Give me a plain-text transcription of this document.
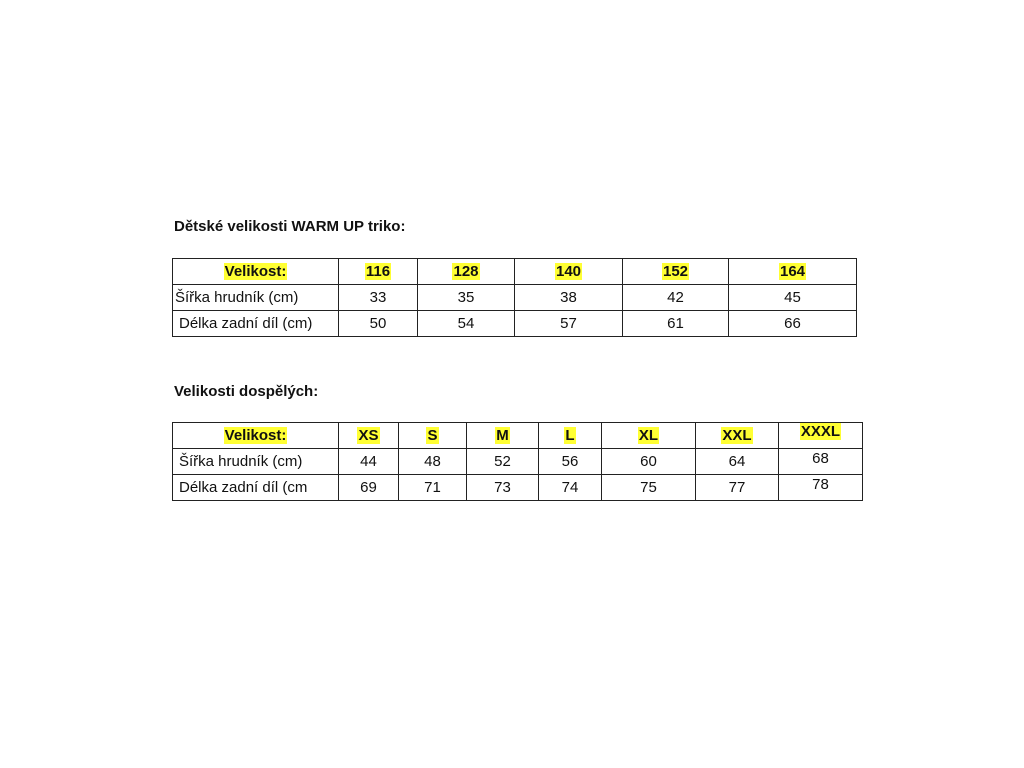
Dětské velikosti WARM UP triko:
Velikost:	116	128	140	152	164
Šířka hrudník (cm)	33	35	38	42	45
Délka zadní díl (cm)	50	54	57	61	66
Velikosti dospělých:
Velikost:	XS	S	M	L	XL	XXL	XXXL
Šířka hrudník (cm)	44	48	52	56	60	64	68
Délka zadní díl (cm	69	71	73	74	75	77	78
